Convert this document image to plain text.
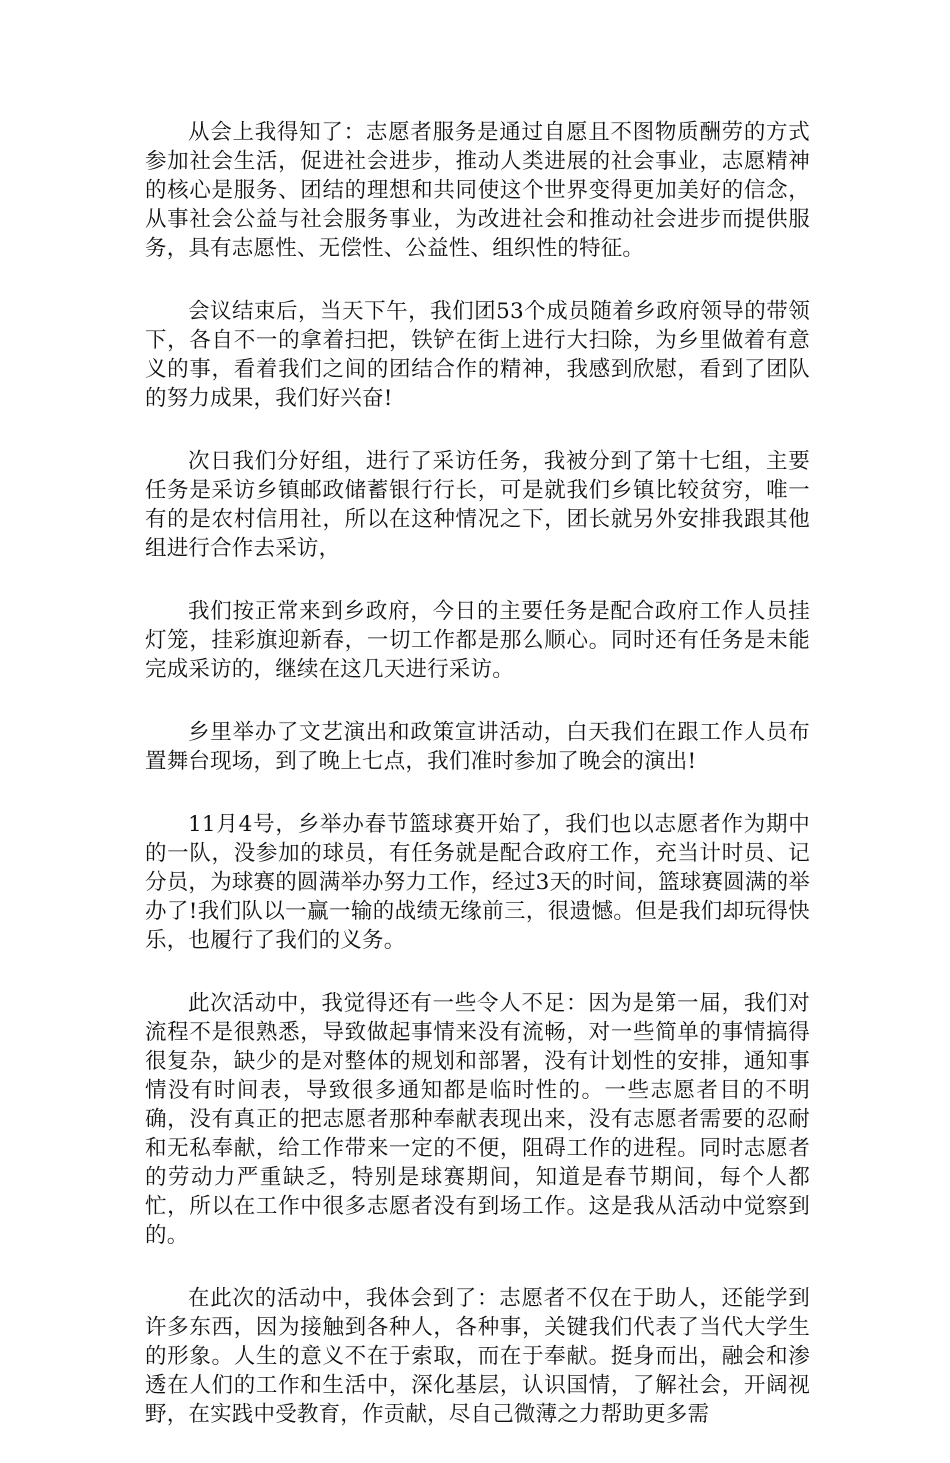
从会上我得知了：志愿者服务是通过自愿且不图物质酬劳的方式参加社会生活，促进社会进步，推动人类进展的社会事业，志愿精神的核心是服务、团结的理想和共同使这个世界变得更加美好的信念，从事社会公益与社会服务事业，为改进社会和推动社会进步而提供服务，具有志愿性、无偿性、公益性、组织性的特征。

会议结束后，当天下午，我们团53个成员随着乡政府领导的带领下，各自不一的拿着扫把，铁铲在街上进行大扫除，为乡里做着有意义的事，看着我们之间的团结合作的精神，我感到欣慰，看到了团队的努力成果，我们好兴奋!

次日我们分好组，进行了采访任务，我被分到了第十七组，主要任务是采访乡镇邮政储蓄银行行长，可是就我们乡镇比较贫穷，唯一有的是农村信用社，所以在这种情况之下，团长就另外安排我跟其他组进行合作去采访，

我们按正常来到乡政府，今日的主要任务是配合政府工作人员挂灯笼，挂彩旗迎新春，一切工作都是那么顺心。同时还有任务是未能完成采访的，继续在这几天进行采访。

乡里举办了文艺演出和政策宣讲活动，白天我们在跟工作人员布置舞台现场，到了晚上七点，我们准时参加了晚会的演出!

11月4号，乡举办春节篮球赛开始了，我们也以志愿者作为期中的一队，没参加的球员，有任务就是配合政府工作，充当计时员、记分员，为球赛的圆满举办努力工作，经过3天的时间，篮球赛圆满的举办了!我们队以一赢一输的战绩无缘前三，很遗憾。但是我们却玩得快乐，也履行了我们的义务。

此次活动中，我觉得还有一些令人不足：因为是第一届，我们对流程不是很熟悉，导致做起事情来没有流畅，对一些简单的事情搞得很复杂，缺少的是对整体的规划和部署，没有计划性的安排，通知事情没有时间表，导致很多通知都是临时性的。一些志愿者目的不明确，没有真正的把志愿者那种奉献表现出来，没有志愿者需要的忍耐和无私奉献，给工作带来一定的不便，阻碍工作的进程。同时志愿者的劳动力严重缺乏，特别是球赛期间，知道是春节期间，每个人都忙，所以在工作中很多志愿者没有到场工作。这是我从活动中觉察到的。

在此次的活动中，我体会到了：志愿者不仅在于助人，还能学到许多东西，因为接触到各种人，各种事，关键我们代表了当代大学生的形象。人生的意义不在于索取，而在于奉献。挺身而出，融会和渗透在人们的工作和生活中，深化基层，认识国情，了解社会，开阔视野，在实践中受教育，作贡献，尽自己微薄之力帮助更多需
